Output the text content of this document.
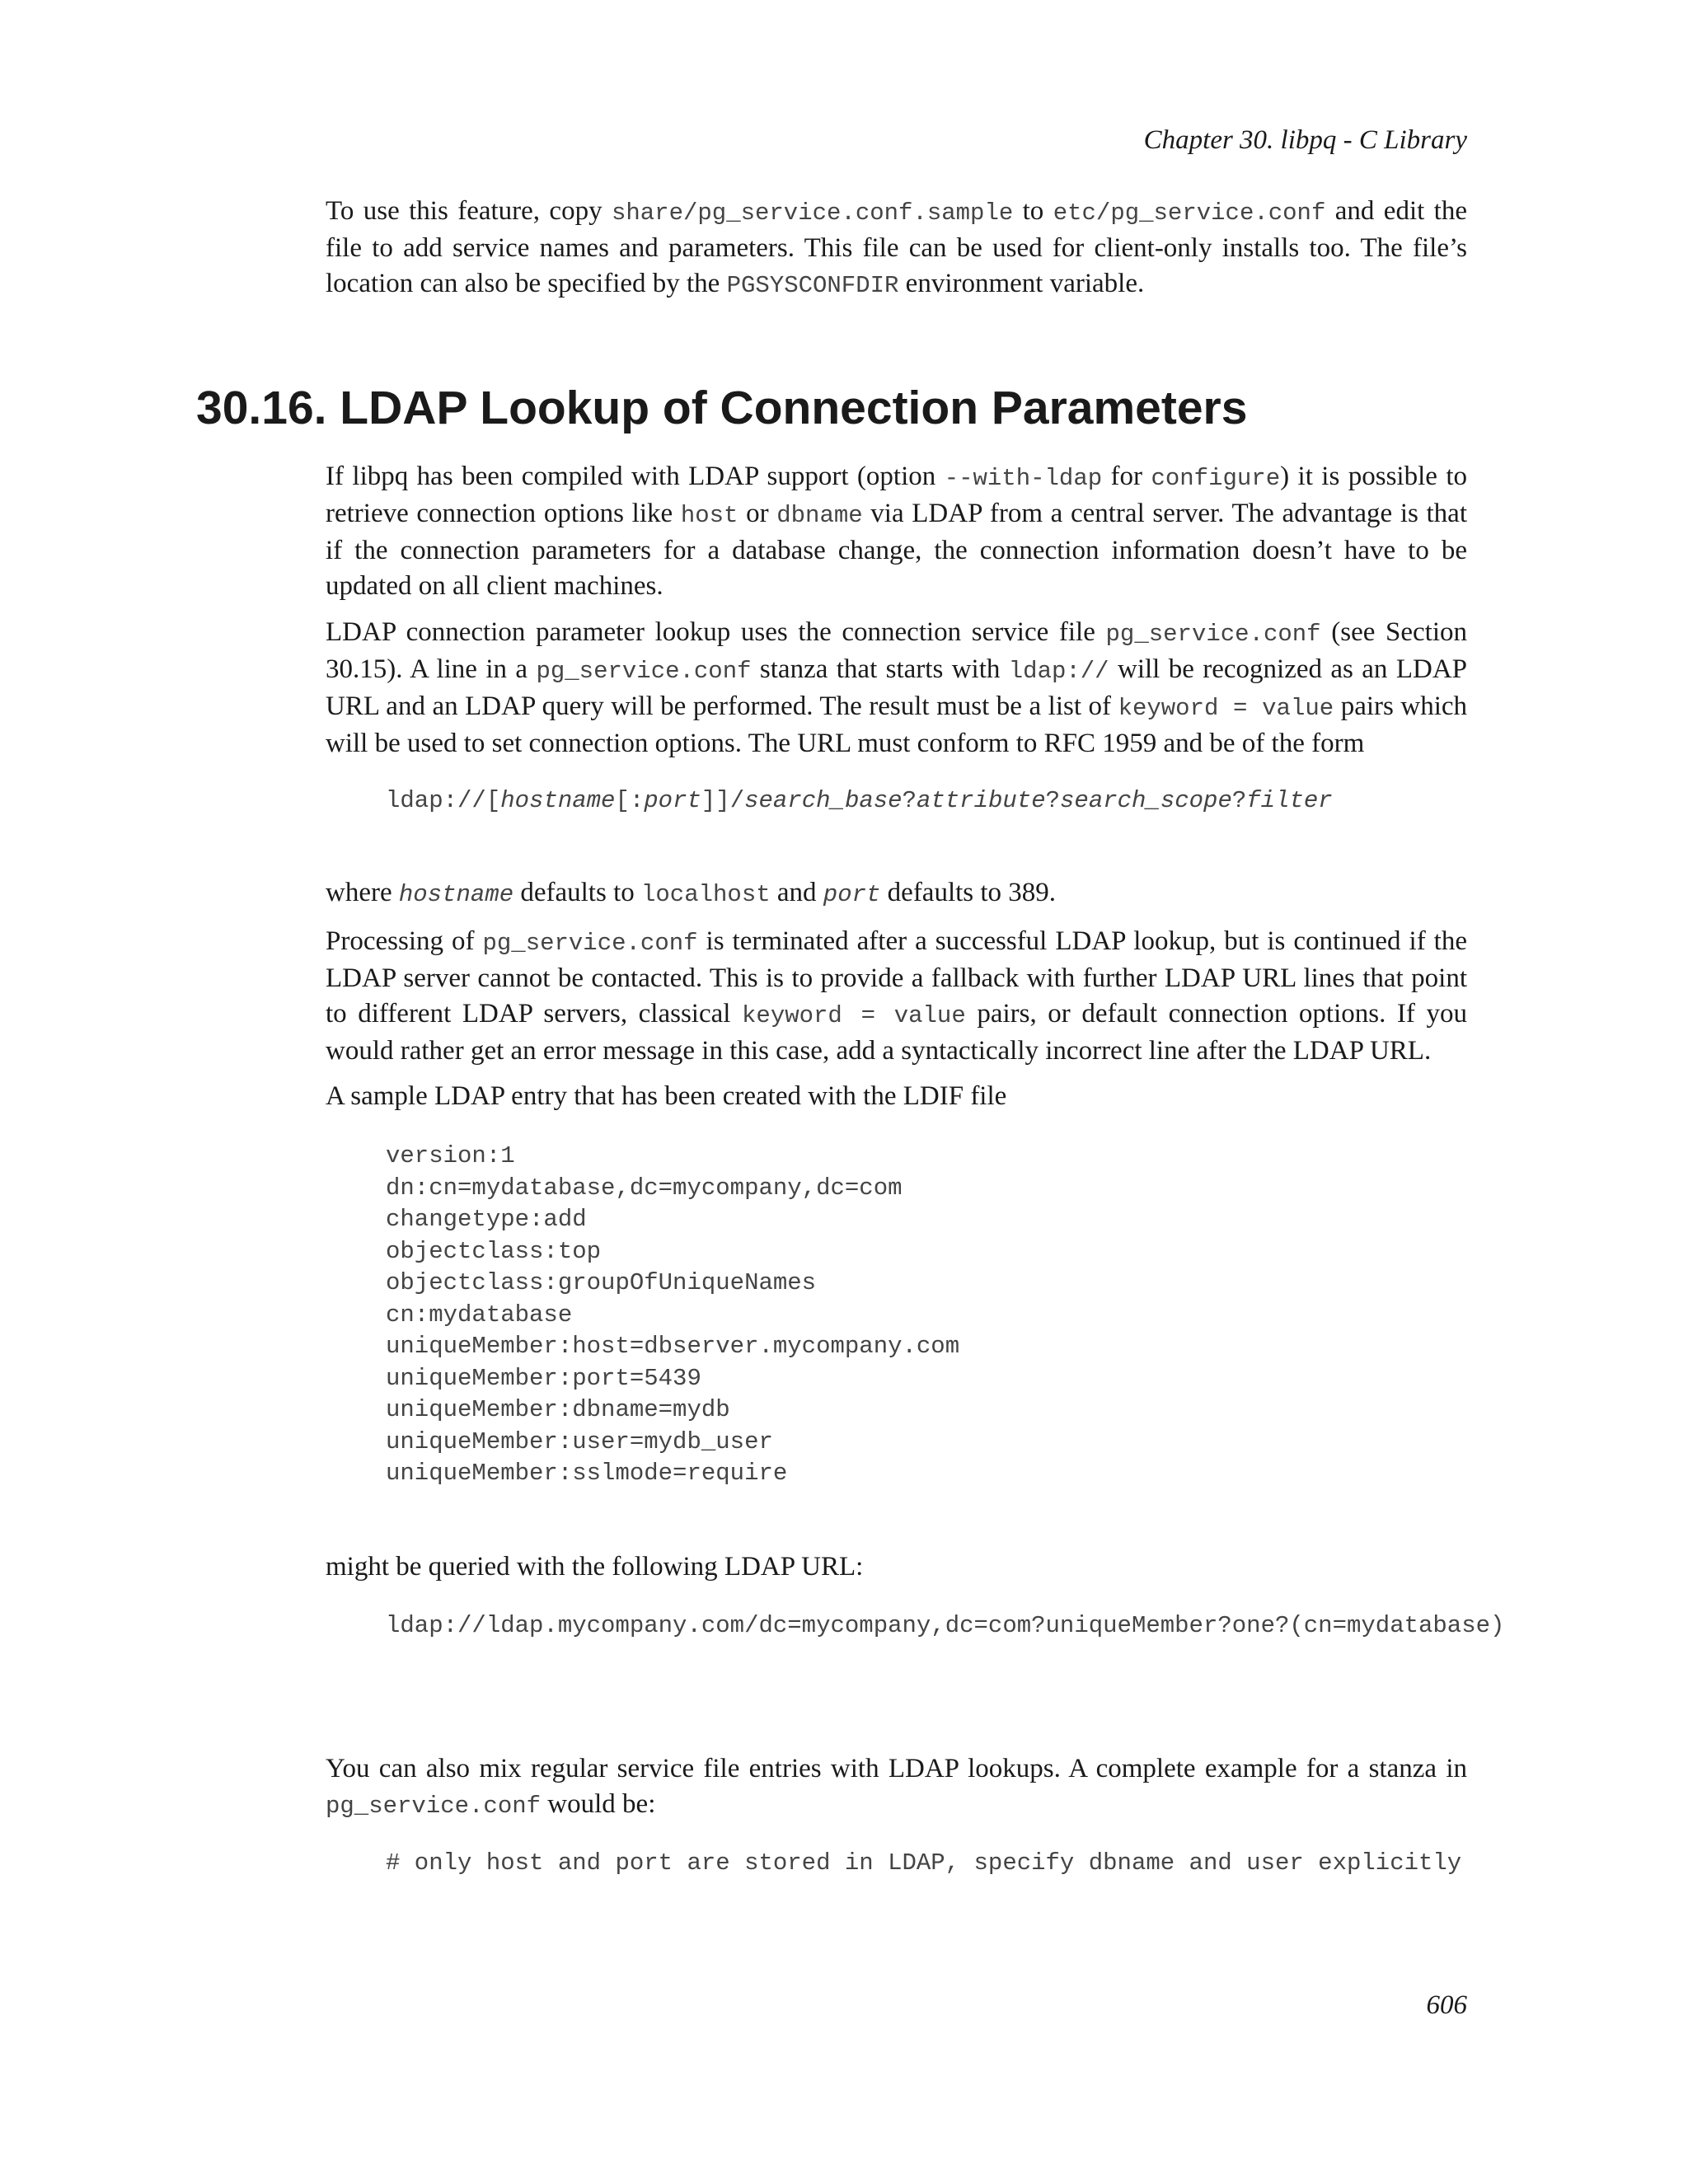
Chapter 30. libpq - C Library

To use this feature, copy share/pg_service.conf.sample to etc/pg_service.conf and edit the file to add service names and parameters. This file can be used for client-only installs too. The file’s location can also be specified by the PGSYSCONFDIR environment variable.

30.16. LDAP Lookup of Connection Parameters

If libpq has been compiled with LDAP support (option --with-ldap for configure) it is possible to retrieve connection options like host or dbname via LDAP from a central server. The advantage is that if the connection parameters for a database change, the connection information doesn’t have to be updated on all client machines.

LDAP connection parameter lookup uses the connection service file pg_service.conf (see Section 30.15). A line in a pg_service.conf stanza that starts with ldap:// will be recognized as an LDAP URL and an LDAP query will be performed. The result must be a list of keyword = value pairs which will be used to set connection options. The URL must conform to RFC 1959 and be of the form

ldap://[hostname[:port]]/search_base?attribute?search_scope?filter

where hostname defaults to localhost and port defaults to 389.

Processing of pg_service.conf is terminated after a successful LDAP lookup, but is continued if the LDAP server cannot be contacted. This is to provide a fallback with further LDAP URL lines that point to different LDAP servers, classical keyword = value pairs, or default connection options. If you would rather get an error message in this case, add a syntactically incorrect line after the LDAP URL.

A sample LDAP entry that has been created with the LDIF file

version:1
dn:cn=mydatabase,dc=mycompany,dc=com
changetype:add
objectclass:top
objectclass:groupOfUniqueNames
cn:mydatabase
uniqueMember:host=dbserver.mycompany.com
uniqueMember:port=5439
uniqueMember:dbname=mydb
uniqueMember:user=mydb_user
uniqueMember:sslmode=require

might be queried with the following LDAP URL:

ldap://ldap.mycompany.com/dc=mycompany,dc=com?uniqueMember?one?(cn=mydatabase)

You can also mix regular service file entries with LDAP lookups. A complete example for a stanza in pg_service.conf would be:

# only host and port are stored in LDAP, specify dbname and user explicitly
606
